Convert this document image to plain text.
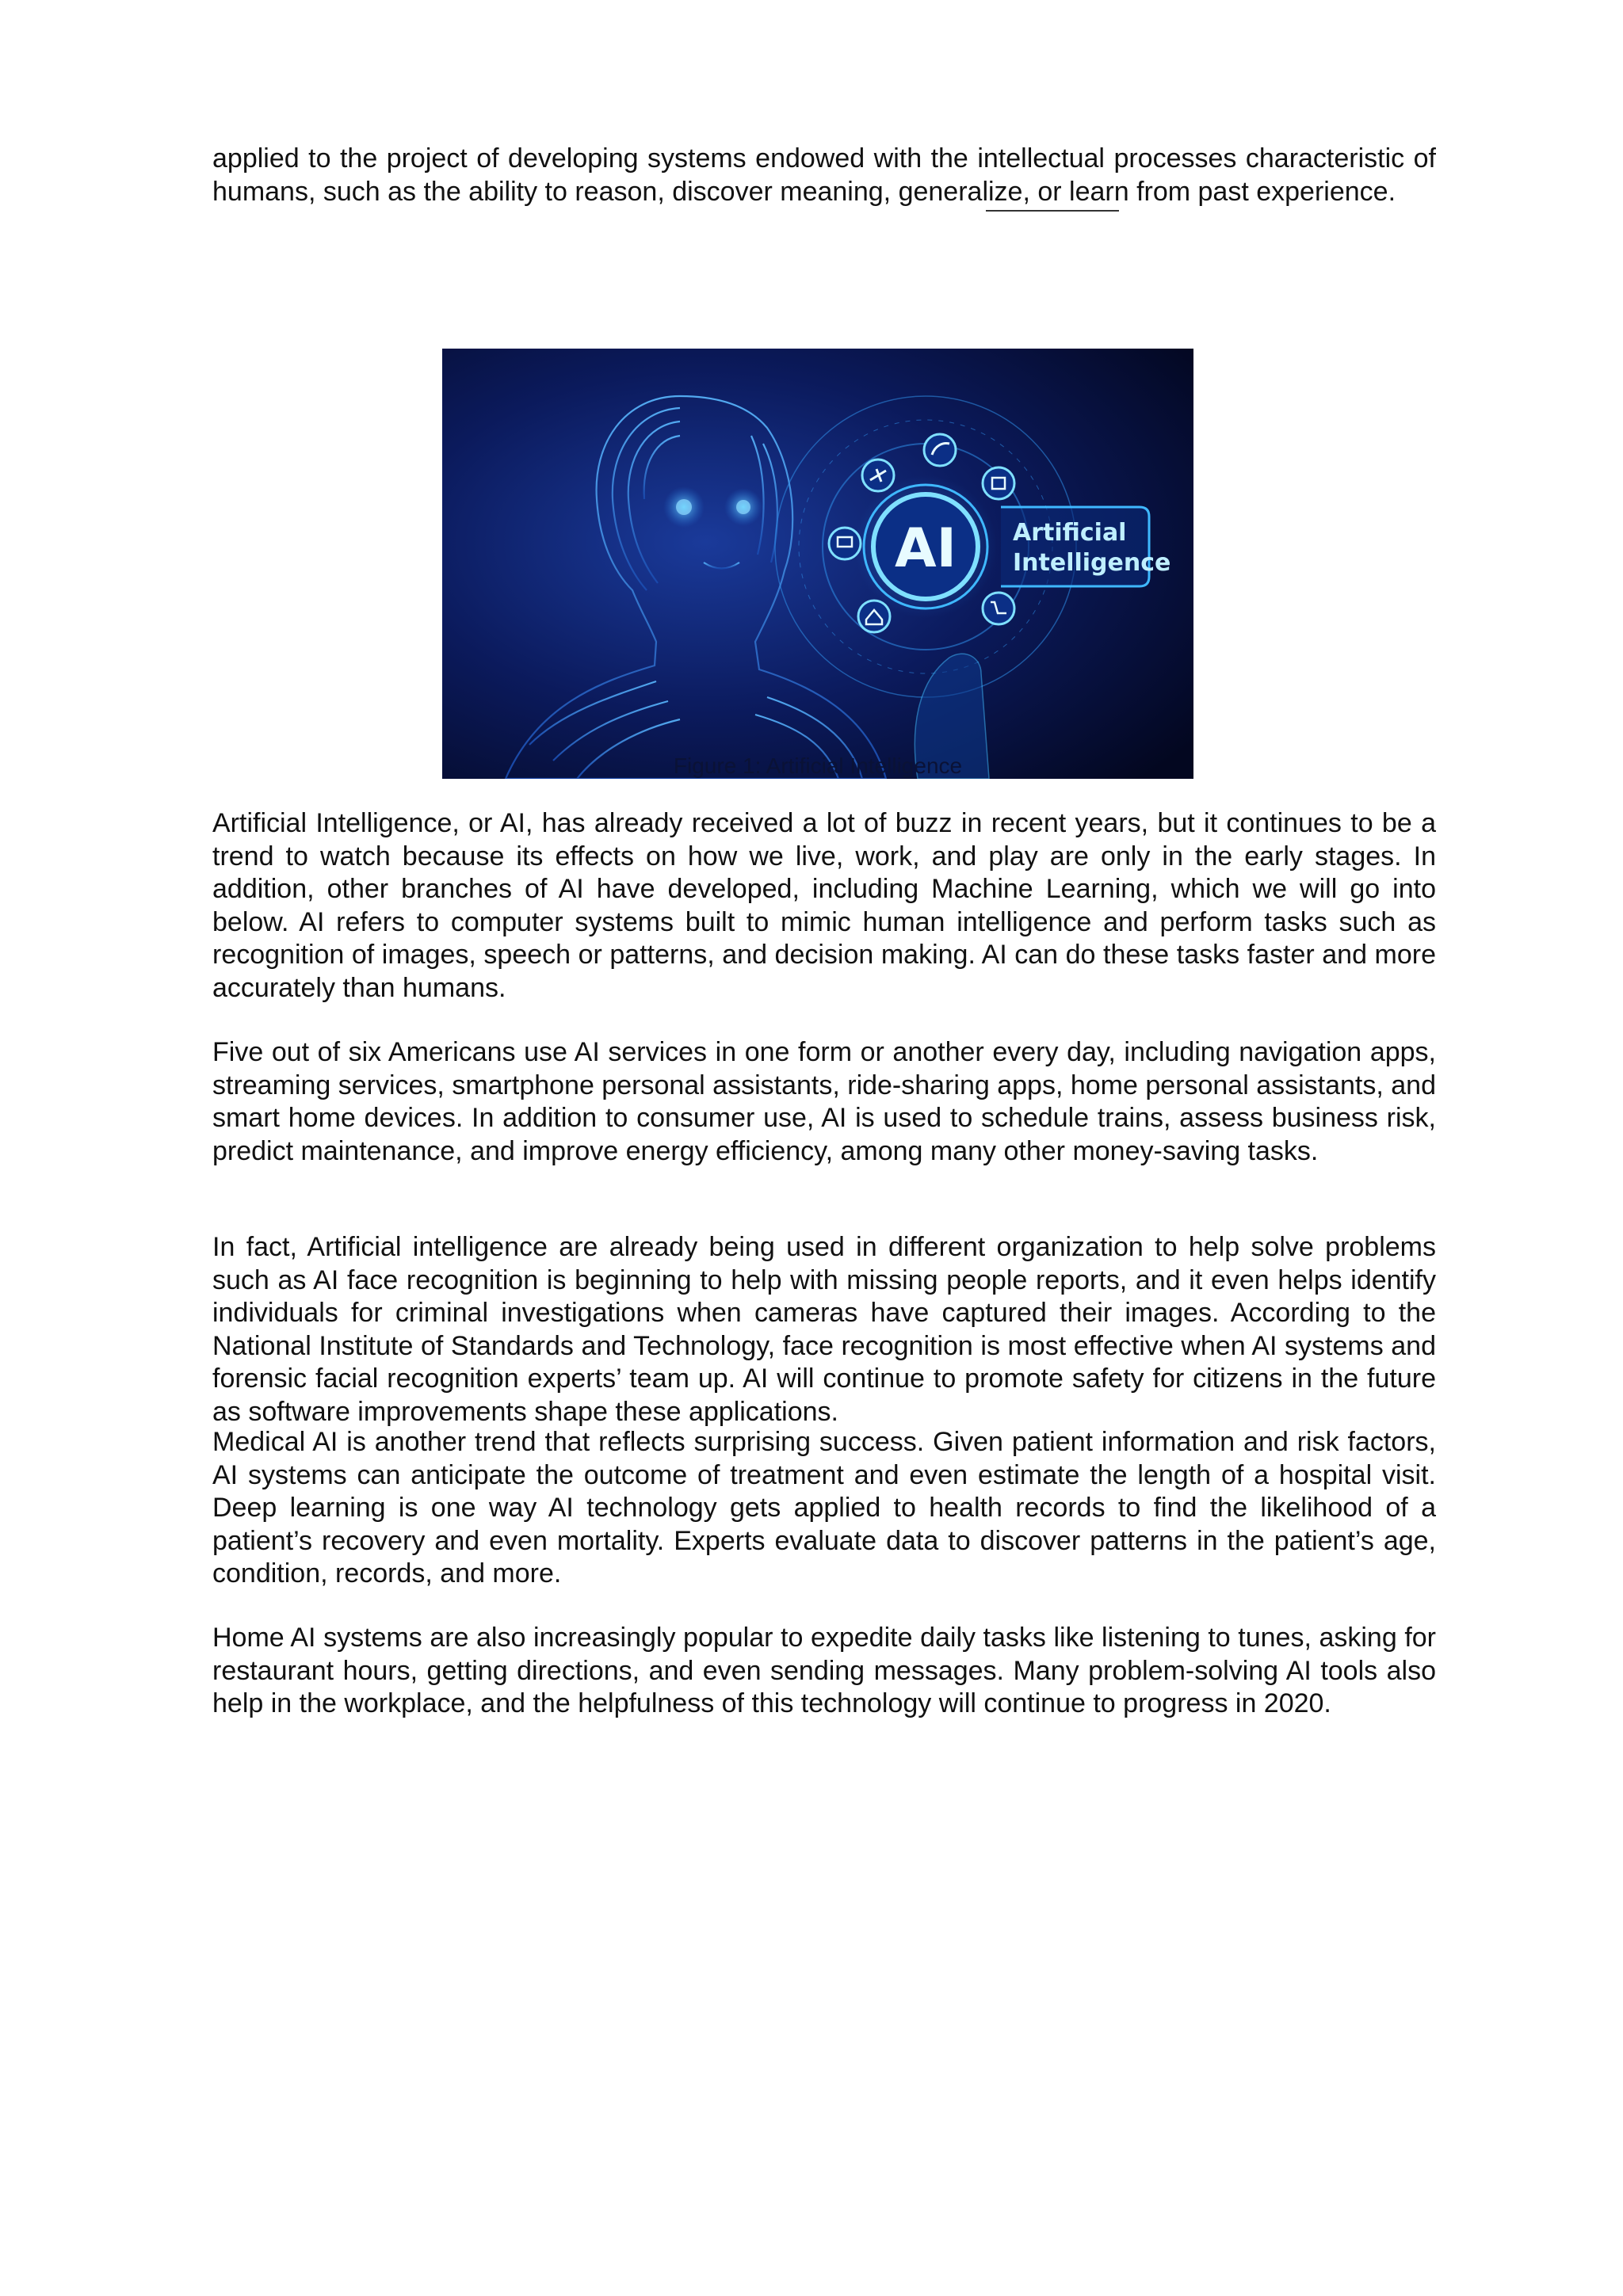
applied to the project of developing systems endowed with the intellectual processes characteristic of humans, such as the ability to reason, discover meaning, generalize, or learn from past experience.

AI Artificial
Intelligence
Figure 1: Artificial Intelligence

Artificial Intelligence, or AI, has already received a lot of buzz in recent years, but it continues to be a trend to watch because its effects on how we live, work, and play are only in the early stages. In addition, other branches of AI have developed, including Machine Learning, which we will go into below. AI refers to computer systems built to mimic human intelligence and perform tasks such as recognition of images, speech or patterns, and decision making. AI can do these tasks faster and more accurately than humans.

Five out of six Americans use AI services in one form or another every day, including navigation apps, streaming services, smartphone personal assistants, ride-sharing apps, home personal assistants, and smart home devices. In addition to consumer use, AI is used to schedule trains, assess business risk, predict maintenance, and improve energy efficiency, among many other money-saving tasks.

In fact, Artificial intelligence are already being used in different organization to help solve problems such as AI face recognition is beginning to help with missing people reports, and it even helps identify individuals for criminal investigations when cameras have captured their images. According to the National Institute of Standards and Technology, face recognition is most effective when AI systems and forensic facial recognition experts’ team up. AI will continue to promote safety for citizens in the future as software improvements shape these applications.

Medical AI is another trend that reflects surprising success. Given patient information and risk factors, AI systems can anticipate the outcome of treatment and even estimate the length of a hospital visit. Deep learning is one way AI technology gets applied to health records to find the likelihood of a patient’s recovery and even mortality. Experts evaluate data to discover patterns in the patient’s age, condition, records, and more.

Home AI systems are also increasingly popular to expedite daily tasks like listening to tunes, asking for restaurant hours, getting directions, and even sending messages. Many problem-solving AI tools also help in the workplace, and the helpfulness of this technology will continue to progress in 2020.
